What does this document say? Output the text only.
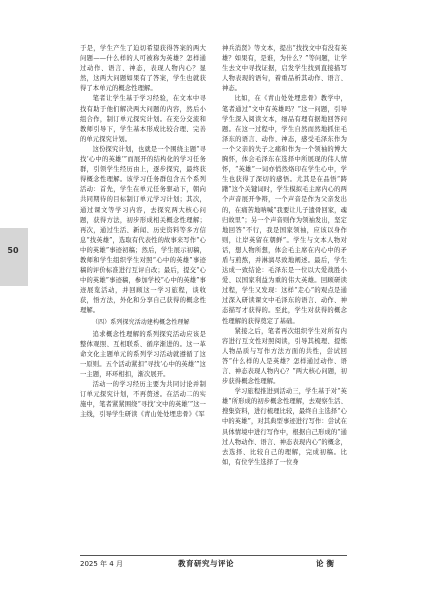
50

于是，学生产生了迫切希望获得答案的两大问题——什么样的人可被称为英雄？怎样通过动作、语言、神态，表现人物内心？显然，这两大问题如果有了答案，学生也就获得了本单元的概念性理解。

笔者让学生基于学习经验，在文本中寻找有助于他们解决两大问题的内容，然后小组合作，制订单元探究计划。在充分交流和教师引导下，学生基本形成比较合理、完善的单元探究计划。

这份探究计划，也就是一个围绕主题“寻找‘心中的英雄’”而展开的结构化的学习任务群，引领学生经历由上，逐步探究，最终获得概念性理解。该学习任务群包含五个系列活动：首先，学生在单元任务驱动下，朝向共同期待的目标制订单元学习计划；其次，通过课文等学习内容，去探究两大核心问题，获得方法，初步形成相关概念性理解；再次，通过生活、新闻、历史资料等多方信息“找英雄”，选取有代表性的故事来写作“心中的英雄”事迹初稿；然后，学生展示初稿，教师和学生组织学生对照“心中的英雄”事迹稿的评价标准进行互评自改；最后，提交“心中的英雄”事迹稿，参加学校“心中的英雄”事迹展览活动，并回顾这一学习旅程，谈收获，悟方法，外化和分享自己获得的概念性理解。

（四）系列探究活动建构概念性理解

追求概念性理解的系列探究活动应该是整体观照、互相联系、循序渐进的。这一革命文化主题单元的系列学习活动就遵循了这一原则。五个活动紧扣“寻找‘心中的英雄’”这一主题，环环相扣，渐次展开。

活动一的学习经历主要为共同讨论并制订单元探究计划，不再赘述。在活动二的实施中，笔者紧紧围绕“寻找‘文中的英雄’”这一主线，引导学生研读《青山处处埋忠骨》《军

神兵消贤》等文本，提出“找找文中有没有英雄？如果有，是谁，为什么？”等问题，让学生去文中寻找证据，启发学生找到直接描写人物表现的语句，着重品析其动作、语言、神态。

比如，在《青山处处埋忠骨》教学中，笔者通过“文中有英雄吗？”这一问题，引导学生深入阅读文本，细品有理有据地回答问题。在这一过程中，学生自然而然地抓住毛泽东的语言、动作、神态，感受毛泽东作为一个父亲的失子之痛和作为一个领袖的博大胸怀，体会毛泽东在选择中所展现的伟人情怀，“英雄”一词亦悄然烙印在学生心中，学生也获得了深切的感悟。尤其是在品悟“踌躇”这个关键词时，学生模拟毛主席内心的两个声音展开争辩，一个声音是作为父亲发出的，在痛苦地呐喊“我要让儿子遗骨回家，魂归故里”；另一个声音则作为领袖发出，坚定地回答“不行，我是国家领袖，应该以身作则，让岸英留在朝鲜”。学生与文本人物对话，想人物所想，体会毛主席在内心中的矛盾与煎熬，并淋漓尽致地阐述。最后，学生达成一致结论：毛泽东是一位以大爱战胜小爱、以国家利益为重的伟大英雄。回顾研读过程，学生又发现：这样“走心”的观点是通过深入研读课文中毛泽东的语言、动作、神态描写才获得的。至此，学生对获得的概念性理解的获得奠定了基础。

紧接之后，笔者再次组织学生对所有内容进行互文性对照阅读，引导其梳理、提炼人物品质与写作方法方面的共性，尝试回答“什么样的人是英雄？怎样通过动作、语言、神态表现人物内心？”两大核心问题，初步获得概念性理解。

学习旅程推进到活动三，学生基于对“英雄”所形成的初步概念性理解，去观察生活、搜集资料，进行梳理比较，最终自主选择“心中的英雄”，对其典型事迹进行写作：尝试在具体情境中进行写作中，根据自己形成的“通过人物动作、语言、神态表现内心”的概念，去选择、比较自己的理解，完成初稿。比如，有位学生选择了一位身

2025 年 4 月	教育研究与评论	论衡
